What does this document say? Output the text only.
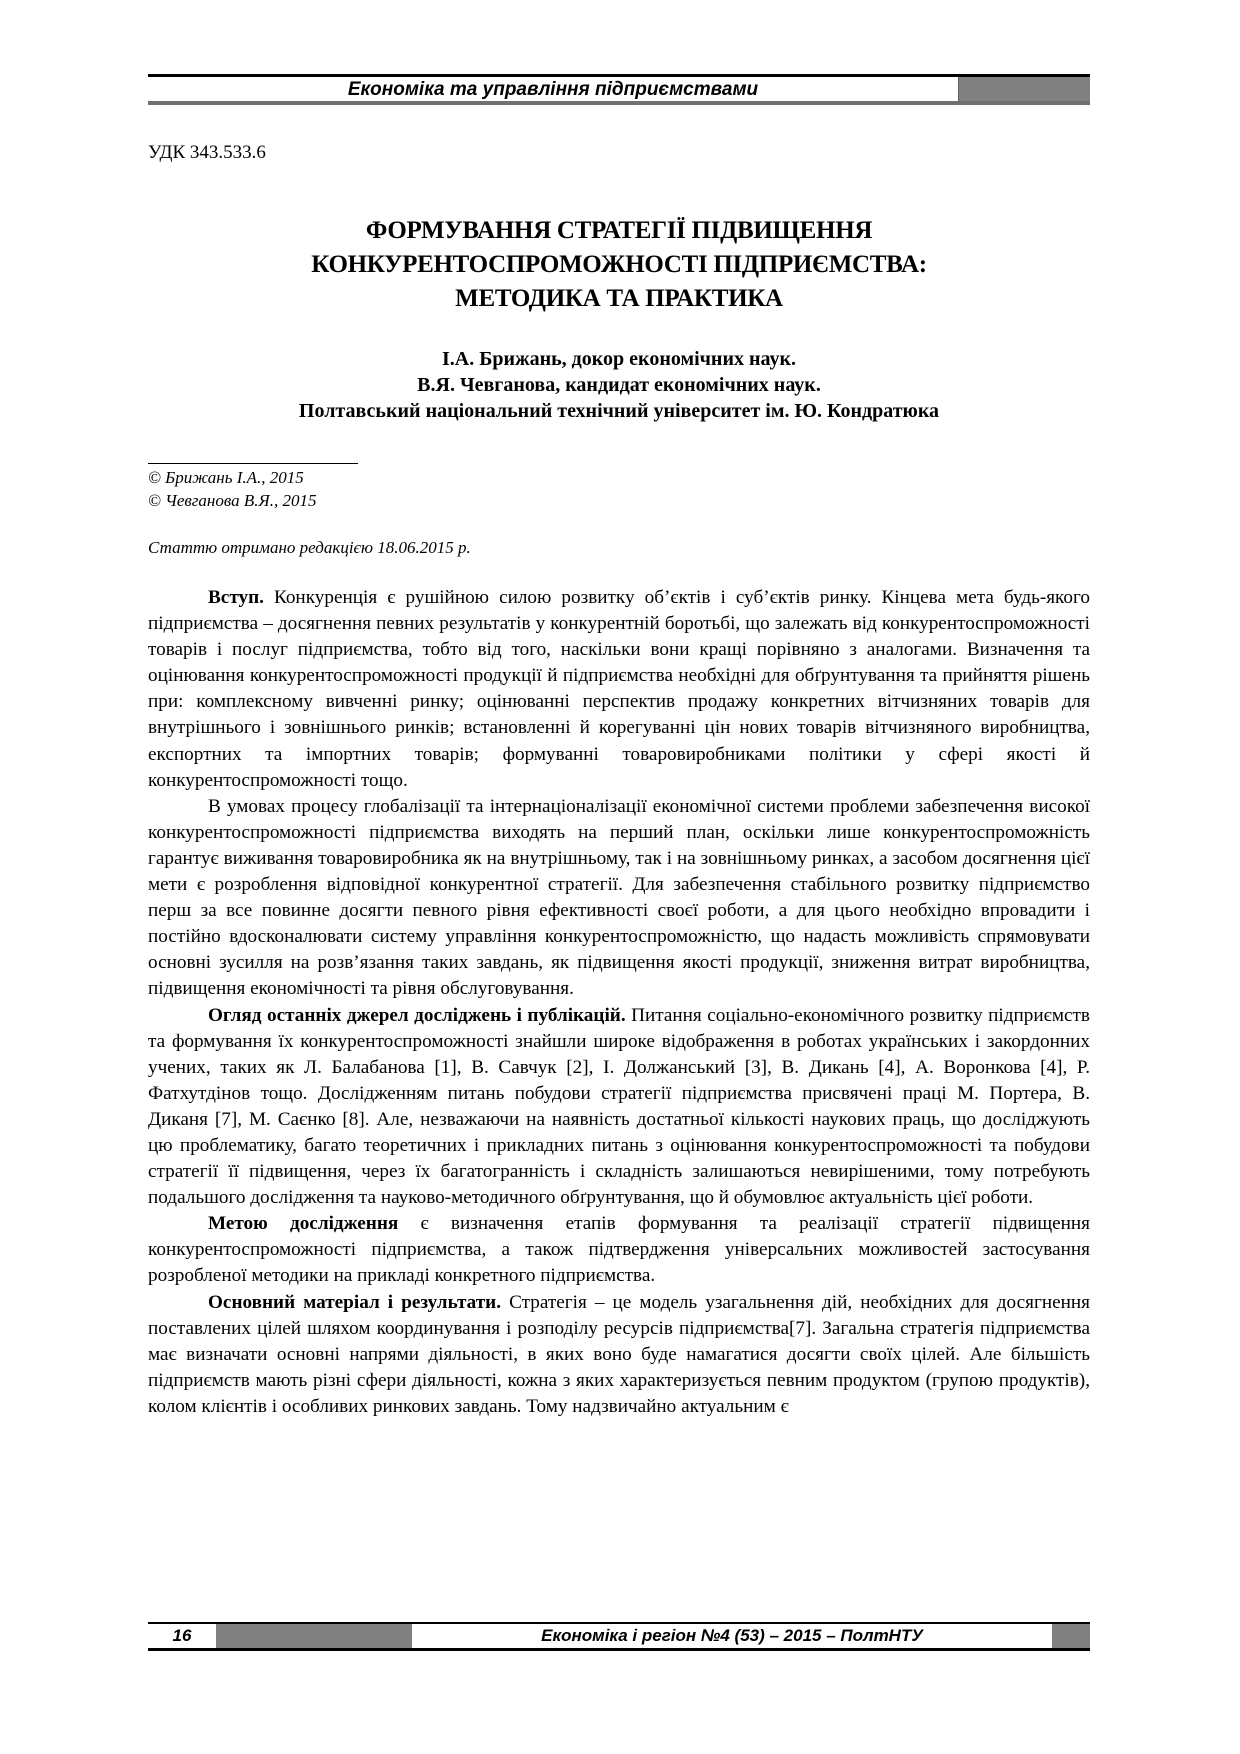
Економіка та управління підприємствами
УДК 343.533.6
ФОРМУВАННЯ СТРАТЕГІЇ ПІДВИЩЕННЯ
КОНКУРЕНТОСПРОМОЖНОСТІ ПІДПРИЄМСТВА:
МЕТОДИКА ТА ПРАКТИКА
І.А. Брижань, докор економічних наук.
В.Я. Чевганова, кандидат економічних наук.
Полтавський національний технічний університет ім. Ю. Кондратюка
© Брижань І.А., 2015
© Чевганова В.Я., 2015
Статтю отримано редакцією 18.06.2015 р.

Вступ. Конкуренція є рушійною силою розвитку об’єктів і суб’єктів ринку. Кінцева мета будь-якого підприємства – досягнення певних результатів у конкурентній боротьбі, що залежать від конкурентоспроможності товарів і послуг підприємства, тобто від того, наскільки вони кращі порівняно з аналогами. Визначення та оцінювання конкурентоспроможності продукції й підприємства необхідні для обґрунтування та прийняття рішень при: комплексному вивченні ринку; оцінюванні перспектив продажу конкретних вітчизняних товарів для внутрішнього і зовнішнього ринків; встановленні й корегуванні цін нових товарів вітчизняного виробництва, експортних та імпортних товарів; формуванні товаровиробниками політики у сфері якості й конкурентоспроможності тощо.

В умовах процесу глобалізації та інтернаціоналізації економічної системи проблеми забезпечення високої конкурентоспроможності підприємства виходять на перший план, оскільки лише конкурентоспроможність гарантує виживання товаровиробника як на внутрішньому, так і на зовнішньому ринках, а засобом досягнення цієї мети є розроблення відповідної конкурентної стратегії. Для забезпечення стабільного розвитку підприємство перш за все повинне досягти певного рівня ефективності своєї роботи, а для цього необхідно впровадити і постійно вдосконалювати систему управління конкурентоспроможністю, що надасть можливість спрямовувати основні зусилля на розв’язання таких завдань, як підвищення якості продукції, зниження витрат виробництва, підвищення економічності та рівня обслуговування.

Огляд останніх джерел досліджень і публікацій. Питання соціально-економічного розвитку підприємств та формування їх конкурентоспроможності знайшли широке відображення в роботах українських і закордонних учених, таких як Л. Балабанова [1], В. Савчук [2], І. Должанський [3], В. Дикань [4], А. Воронкова [4], Р. Фатхутдінов тощо. Дослідженням питань побудови стратегії підприємства присвячені праці М. Портера, В. Диканя [7], М. Саєнко [8]. Але, незважаючи на наявність достатньої кількості наукових праць, що досліджують цю проблематику, багато теоретичних і прикладних питань з оцінювання конкурентоспроможності та побудови стратегії її підвищення, через їх багатогранність і складність залишаються невирішеними, тому потребують подальшого дослідження та науково-методичного обґрунтування, що й обумовлює актуальність цієї роботи.

Метою дослідження є визначення етапів формування та реалізації стратегії підвищення конкурентоспроможності підприємства, а також підтвердження універсальних можливостей застосування розробленої методики на прикладі конкретного підприємства.

Основний матеріал і результати. Стратегія – це модель узагальнення дій, необхідних для досягнення поставлених цілей шляхом координування і розподілу ресурсів підприємства[7]. Загальна стратегія підприємства має визначати основні напрями діяльності, в яких воно буде намагатися досягти своїх цілей. Але більшість підприємств мають різні сфери діяльності, кожна з яких характеризується певним продуктом (групою продуктів), колом клієнтів і особливих ринкових завдань. Тому надзвичайно актуальним є

16	Економіка і регіон №4 (53) – 2015 – ПолтНТУ
